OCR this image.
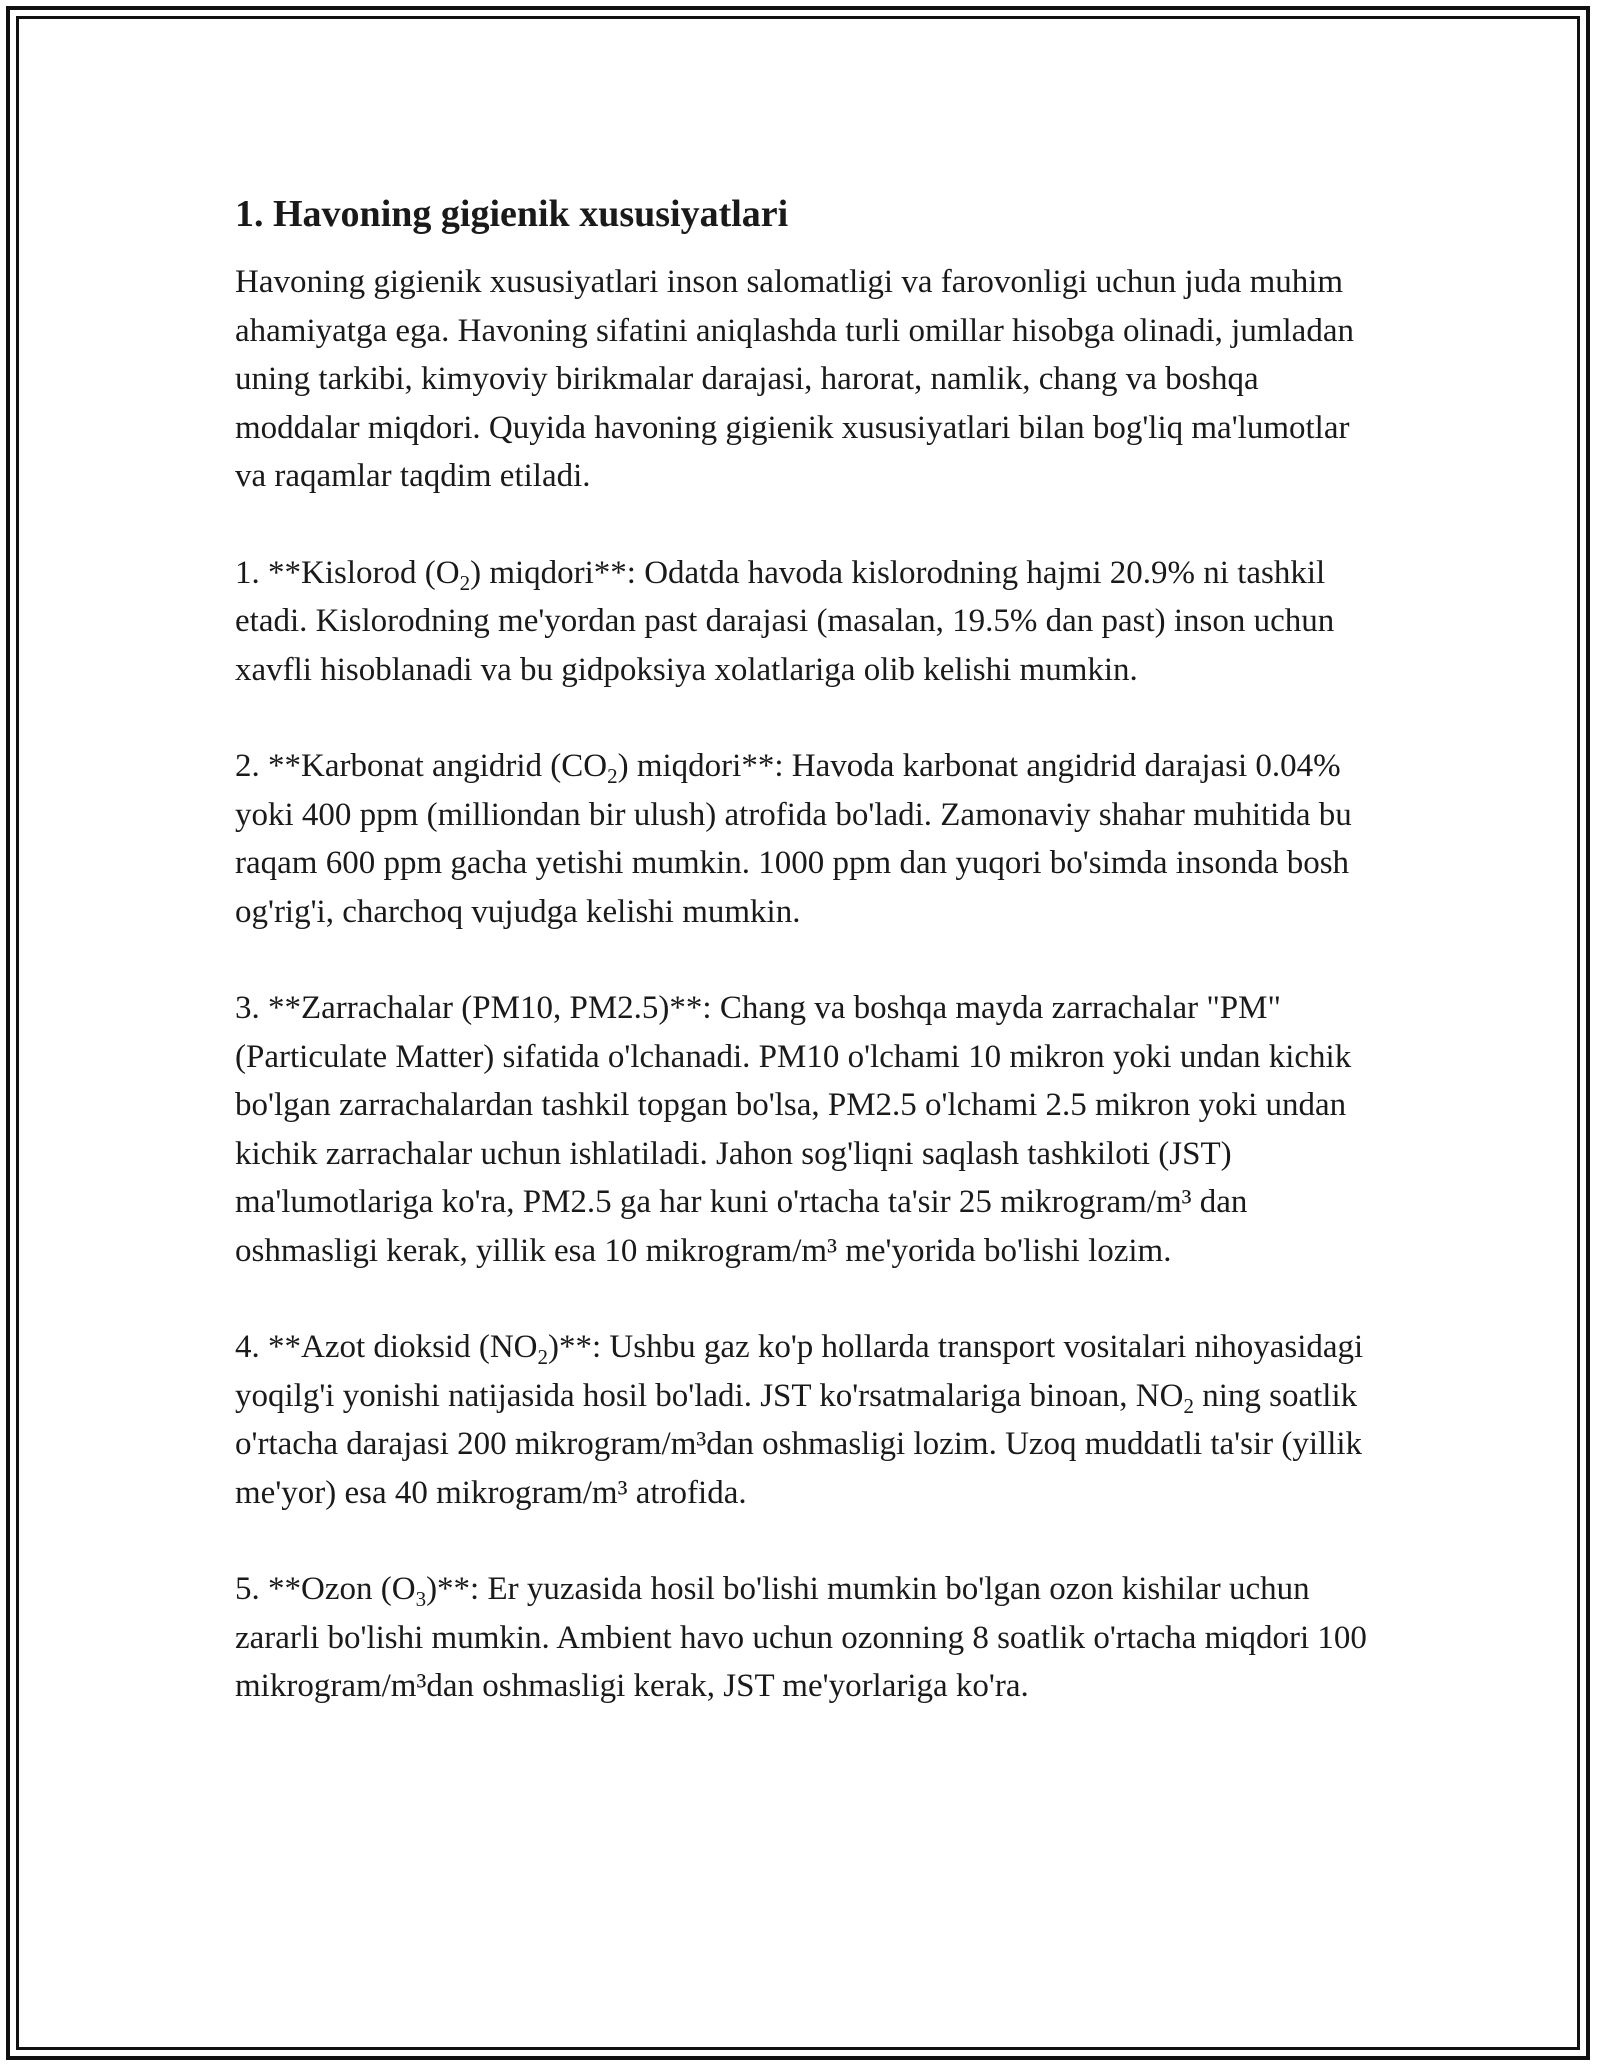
1. Havoning gigienik xususiyatlari

Havoning gigienik xususiyatlari inson salomatligi va farovonligi uchun juda muhim ahamiyatga ega. Havoning sifatini aniqlashda turli omillar hisobga olinadi, jumladan uning tarkibi, kimyoviy birikmalar darajasi, harorat, namlik, chang va boshqa moddalar miqdori. Quyida havoning gigienik xususiyatlari bilan bog'liq ma'lumotlar va raqamlar taqdim etiladi.

1. **Kislorod $(O_2)$ miqdori**: Odatda havoda kislorodning hajmi 20.9% ni tashkil etadi. Kislorodning me'yordan past darajasi (masalan, 19.5% dan past) inson uchun xavfli hisoblanadi va bu gidpoksiya xolatlariga olib kelishi mumkin.

2. **Karbonat angidrid $(CO_2)$ miqdori**: Havoda karbonat angidrid darajasi 0.04% yoki 400 ppm (milliondan bir ulush) atrofida bo'ladi. Zamonaviy shahar muhitida bu raqam 600 ppm gacha yetishi mumkin. 1000 ppm dan yuqori bo'simda insonda bosh og'rig'i, charchoq vujudga kelishi mumkin.

3. **Zarrachalar (PM10, PM2.5)**: Chang va boshqa mayda zarrachalar "PM" (Particulate Matter) sifatida o'lchanadi. PM10 o'lchami 10 mikron yoki undan kichik bo'lgan zarrachalardan tashkil topgan bo'lsa, PM2.5 o'lchami 2.5 mikron yoki undan kichik zarrachalar uchun ishlatiladi. Jahon sog'liqni saqlash tashkiloti (JST) ma'lumotlariga ko'ra, PM2.5 ga har kuni o'rtacha ta'sir 25 mikrogram/m³ dan oshmasligi kerak, yillik esa 10 mikrogram/m³ me'yorida bo'lishi lozim.

4. **Azot dioksid $(NO_2)**$: Ushbu gaz ko'p hollarda transport vositalari nihoyasidagi yoqilg'i yonishi natijasida hosil bo'ladi. JST ko'rsatmalariga binoan, $NO_2$ ning soatlik o'rtacha darajasi 200 mikrogram/m³dan oshmasligi lozim. Uzoq muddatli ta'sir (yillik me'yor) esa 40 mikrogram/m³ atrofida.

5. **Ozon $(O_3)**$: Er yuzasida hosil bo'lishi mumkin bo'lgan ozon kishilar uchun zararli bo'lishi mumkin. Ambient havo uchun ozonning 8 soatlik o'rtacha miqdori 100 mikrogram/m³dan oshmasligi kerak, JST me'yorlariga ko'ra.
